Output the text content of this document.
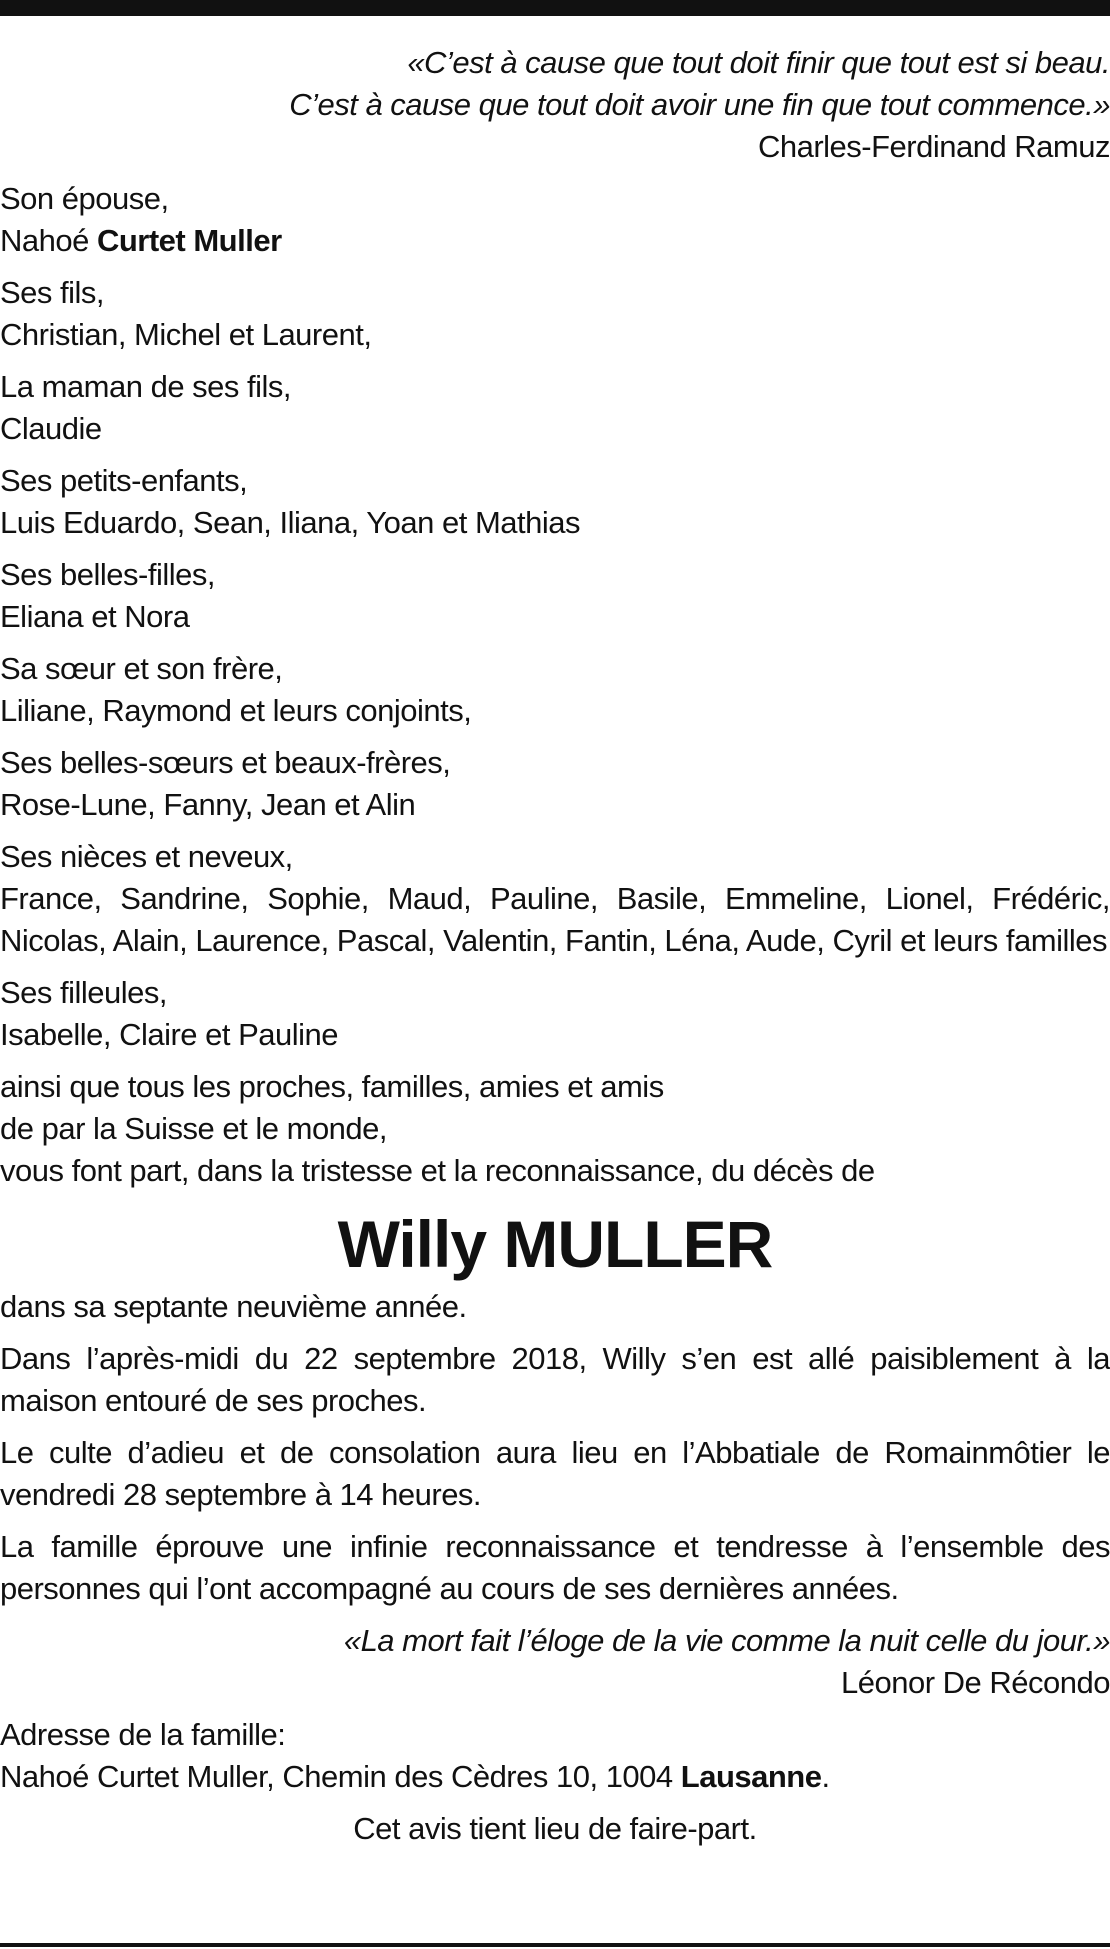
«C’est à cause que tout doit finir que tout est si beau.
C’est à cause que tout doit avoir une fin que tout commence.»
Charles-Ferdinand Ramuz

Son épouse,

Nahoé Curtet Muller

Ses fils,

Christian, Michel et Laurent,

La maman de ses fils,

Claudie

Ses petits-enfants,

Luis Eduardo, Sean, Iliana, Yoan et Mathias

Ses belles-filles,

Eliana et Nora

Sa sœur et son frère,

Liliane, Raymond et leurs conjoints,

Ses belles-sœurs et beaux-frères,

Rose-Lune, Fanny, Jean et Alin

Ses nièces et neveux,

France, Sandrine, Sophie, Maud, Pauline, Basile, Emmeline, Lionel, Frédéric, Nicolas, Alain, Laurence, Pascal, Valentin, Fantin, Léna, Aude, Cyril et leurs familles

Ses filleules,

Isabelle, Claire et Pauline

ainsi que tous les proches, familles, amies et amis

de par la Suisse et le monde,

vous font part, dans la tristesse et la reconnaissance, du décès de

Willy MULLER
dans sa septante neuvième année.
Dans l’après-midi du 22 septembre 2018, Willy s’en est allé paisiblement à la maison entouré de ses proches.
Le culte d’adieu et de consolation aura lieu en l’Abbatiale de Romainmôtier le vendredi 28 septembre à 14 heures.
La famille éprouve une infinie reconnaissance et tendresse à l’ensemble des personnes qui l’ont accompagné au cours de ses dernières années.
«La mort fait l’éloge de la vie comme la nuit celle du jour.»
Léonor De Récondo

Adresse de la famille:

Nahoé Curtet Muller, Chemin des Cèdres 10, 1004 Lausanne.

Cet avis tient lieu de faire-part.
